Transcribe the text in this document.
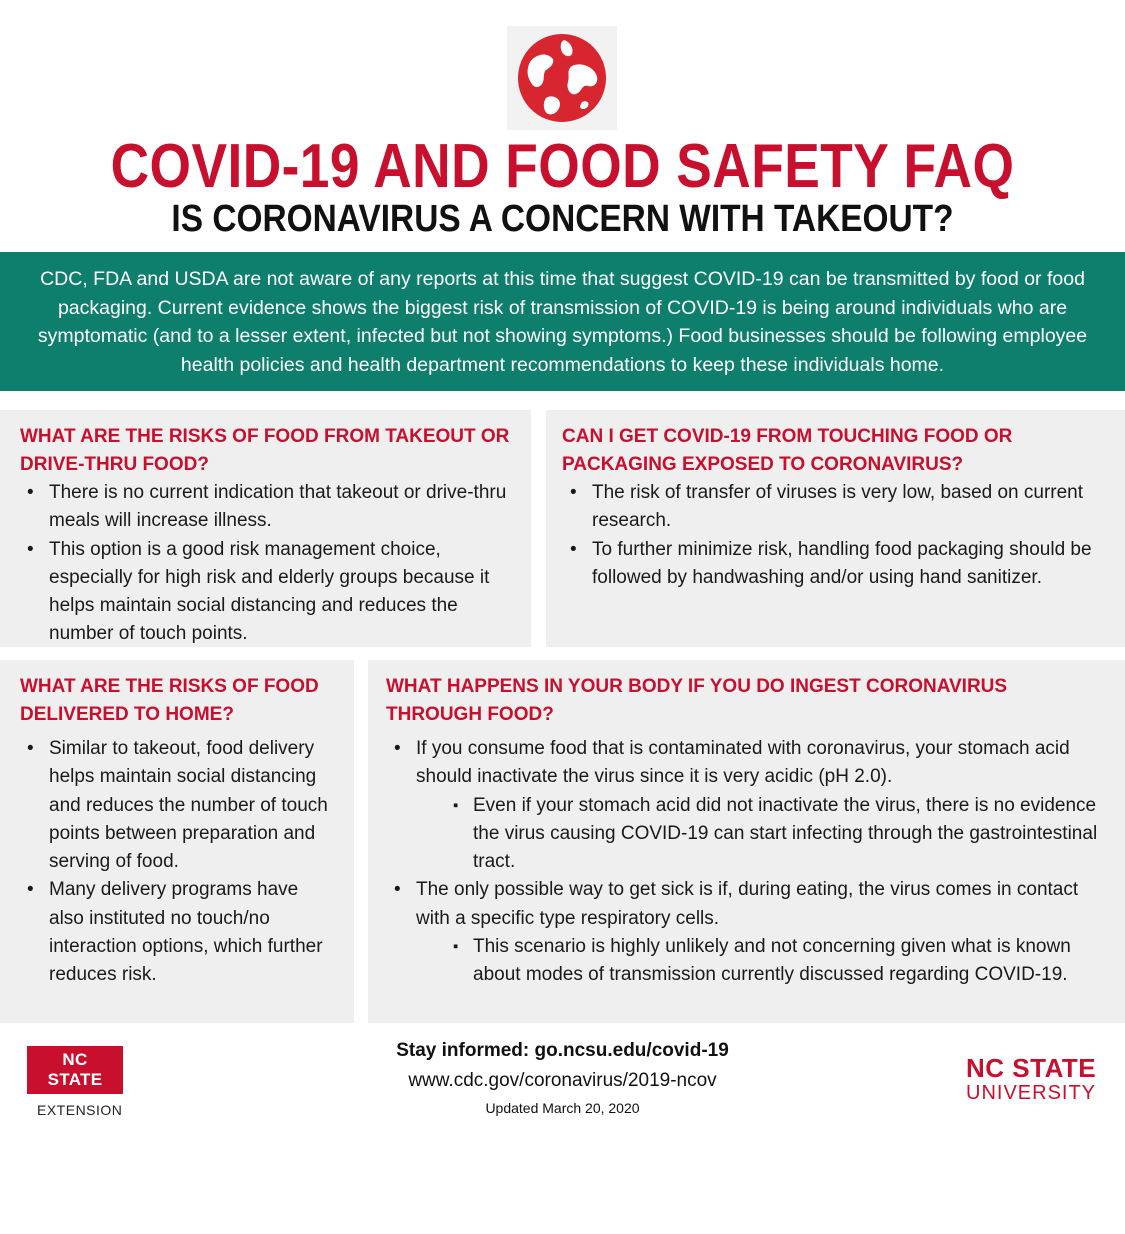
COVID-19 AND FOOD SAFETY FAQ
IS CORONAVIRUS A CONCERN WITH TAKEOUT?
CDC, FDA and USDA are not aware of any reports at this time that suggest COVID-19 can be transmitted by food or food packaging. Current evidence shows the biggest risk of transmission of COVID-19 is being around individuals who are symptomatic (and to a lesser extent, infected but not showing symptoms.) Food businesses should be following employee health policies and health department recommendations to keep these individuals home.
WHAT ARE THE RISKS OF FOOD FROM TAKEOUT OR DRIVE-THRU FOOD?
• There is no current indication that takeout or drive-thru meals will increase illness.
• This option is a good risk management choice, especially for high risk and elderly groups because it helps maintain social distancing and reduces the number of touch points.
CAN I GET COVID-19 FROM TOUCHING FOOD OR PACKAGING EXPOSED TO CORONAVIRUS?
• The risk of transfer of viruses is very low, based on current research.
• To further minimize risk, handling food packaging should be followed by handwashing and/or using hand sanitizer.
WHAT ARE THE RISKS OF FOOD DELIVERED TO HOME?
• Similar to takeout, food delivery helps maintain social distancing and reduces the number of touch points between preparation and serving of food.
• Many delivery programs have also instituted no touch/no interaction options, which further reduces risk.
WHAT HAPPENS IN YOUR BODY IF YOU DO INGEST CORONAVIRUS THROUGH FOOD?
• If you consume food that is contaminated with coronavirus, your stomach acid should inactivate the virus since it is very acidic (pH 2.0).
▪ Even if your stomach acid did not inactivate the virus, there is no evidence the virus causing COVID-19 can start infecting through the gastrointestinal tract.
• The only possible way to get sick is if, during eating, the virus comes in contact with a specific type respiratory cells.
▪ This scenario is highly unlikely and not concerning given what is known about modes of transmission currently discussed regarding COVID-19.
NC STATE
EXTENSION
Stay informed: go.ncsu.edu/covid-19
www.cdc.gov/coronavirus/2019-ncov
Updated March 20, 2020
NC STATE
UNIVERSITY
